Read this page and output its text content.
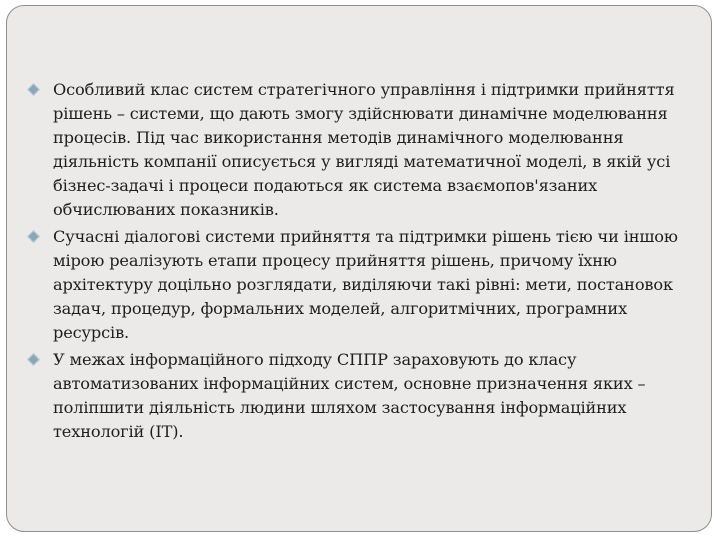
Особливий клас систем стратегічного управління і підтримки прийняття рішень – системи, що дають змогу здійснювати динамічне моделювання процесів. Під час використання методів динамічного моделювання діяльність компанії описується у вигляді математичної моделі, в якій усі бізнес-задачі і процеси подаються як система взаємопов'язаних обчислюваних показників.
Сучасні діалогові системи прийняття та підтримки рішень тією чи іншою мірою реалізують етапи процесу прийняття рішень, причому їхню архітектуру доцільно розглядати, виділяючи такі рівні: мети, постановок задач, процедур, формальних моделей, алгоритмічних, програмних ресурсів.
У межах інформаційного підходу СППР зараховують до класу автоматизованих інформаційних систем, основне призначення яких – поліпшити діяльність людини шляхом застосування інформаційних технологій (ІТ).
